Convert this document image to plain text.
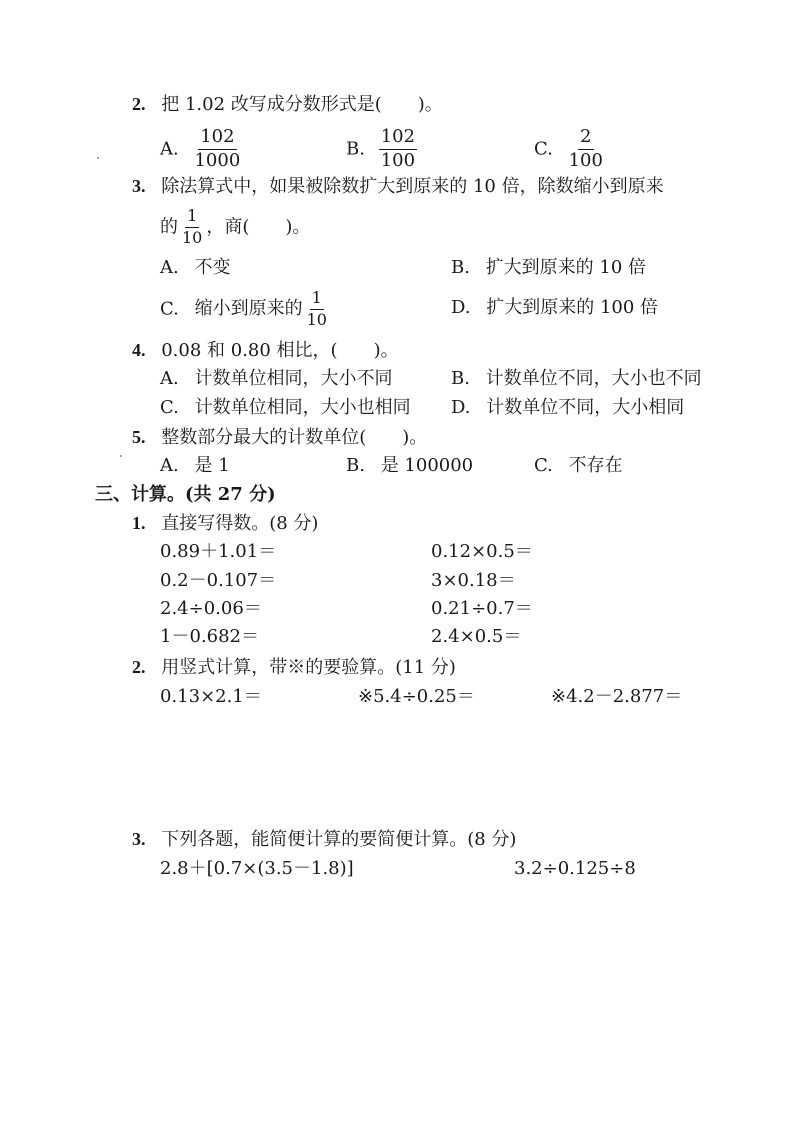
2. 把 1.02 改写成分数形式是(　　)。
A. $\frac{102}{1000}$	B. $\frac{102}{100}$	C. $\frac{2}{100}$
3. 除法算式中，如果被除数扩大到原来的 10 倍，除数缩小到原来
的 $\frac{1}{10}$ ，商(　　)。
A. 不变	B. 扩大到原来的 10 倍
C. 缩小到原来的 $\frac{1}{10}$	D. 扩大到原来的 100 倍
4. 0.08 和 0.80 相比，(　　)。
A. 计数单位相同，大小不同	B. 计数单位不同，大小也不同
C. 计数单位相同，大小也相同 D. 计数单位不同，大小相同
5. 整数部分最大的计数单位(　　)。
A. 是 1	B. 是 100000	C. 不存在
三、计算。(共 27 分)
1. 直接写得数。(8 分)
0.89＋1.01＝	0.12×0.5＝
0.2－0.107＝	3×0.18＝
2.4÷0.06＝	0.21÷0.7＝
1－0.682＝	2.4×0.5＝
2. 用竖式计算，带※的要验算。(11 分)
0.13×2.1＝	※5.4÷0.25＝	※4.2－2.877＝
3. 下列各题，能简便计算的要简便计算。(8 分)
2.8＋[0.7×(3.5－1.8)]	3.2÷0.125÷8
